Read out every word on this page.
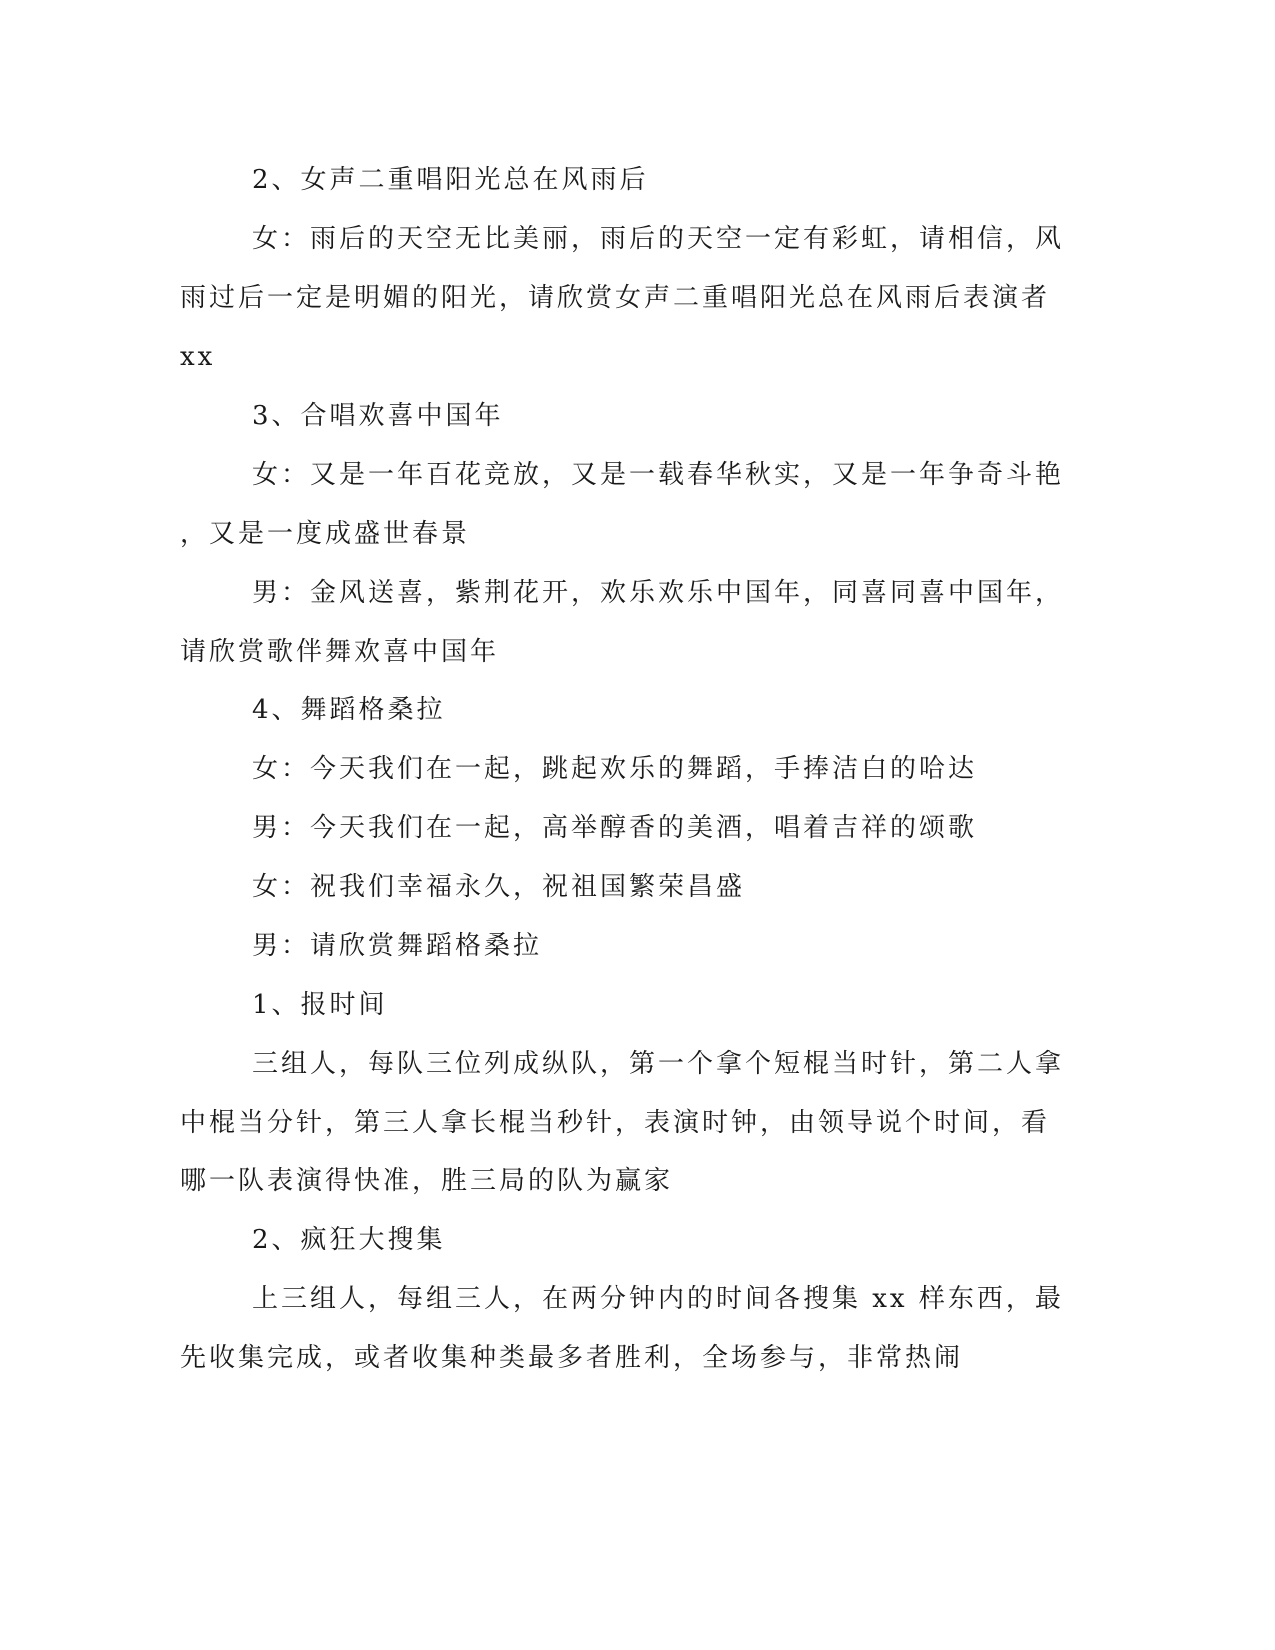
2、女声二重唱阳光总在风雨后
女：雨后的天空无比美丽，雨后的天空一定有彩虹，请相信，风
雨过后一定是明媚的阳光，请欣赏女声二重唱阳光总在风雨后表演者
xx
3、合唱欢喜中国年
女：又是一年百花竞放，又是一载春华秋实，又是一年争奇斗艳
，又是一度成盛世春景
男：金风送喜，紫荆花开，欢乐欢乐中国年，同喜同喜中国年，
请欣赏歌伴舞欢喜中国年
4、舞蹈格桑拉
女：今天我们在一起，跳起欢乐的舞蹈，手捧洁白的哈达
男：今天我们在一起，高举醇香的美酒，唱着吉祥的颂歌
女：祝我们幸福永久，祝祖国繁荣昌盛
男：请欣赏舞蹈格桑拉
1、报时间
三组人，每队三位列成纵队，第一个拿个短棍当时针，第二人拿
中棍当分针，第三人拿长棍当秒针，表演时钟，由领导说个时间，看
哪一队表演得快准，胜三局的队为赢家
2、疯狂大搜集
上三组人，每组三人，在两分钟内的时间各搜集 xx 样东西，最
先收集完成，或者收集种类最多者胜利，全场参与，非常热闹
